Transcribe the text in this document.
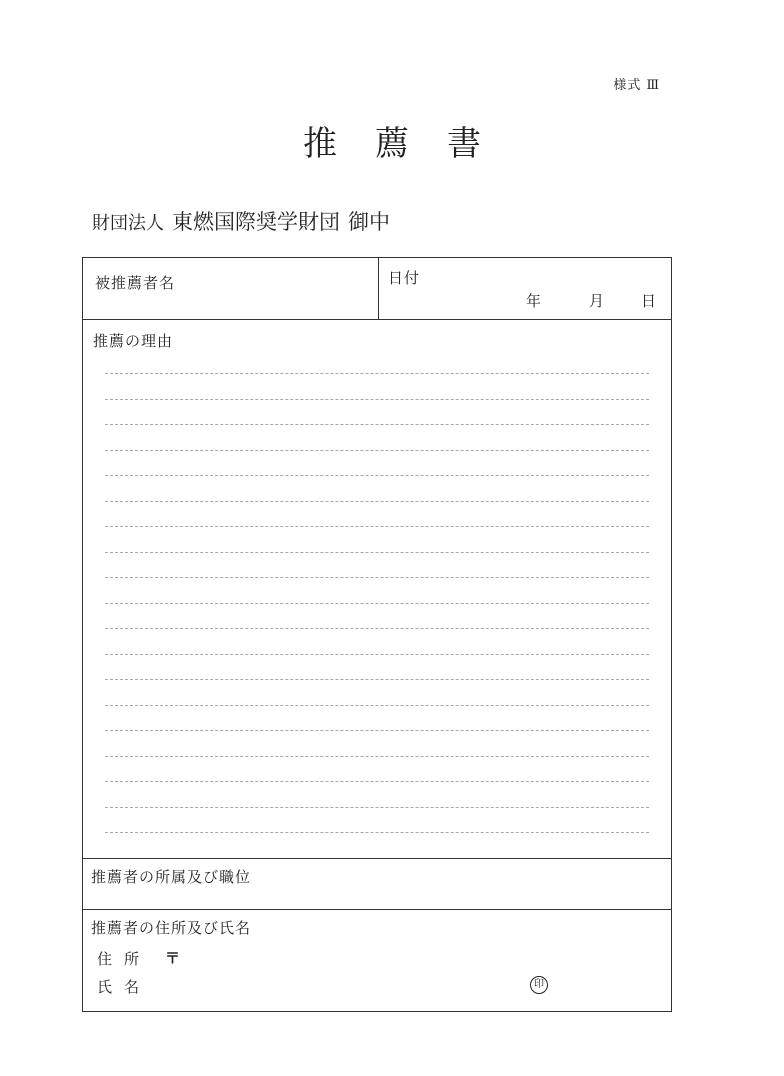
様式 Ⅲ
推薦書
財団法人 東燃国際奨学財団 御中
被推薦者名	日付
年	月 日
推薦の理由
推薦者の所属及び職位
推薦者の住所及び氏名
住所 〒
氏名	印
